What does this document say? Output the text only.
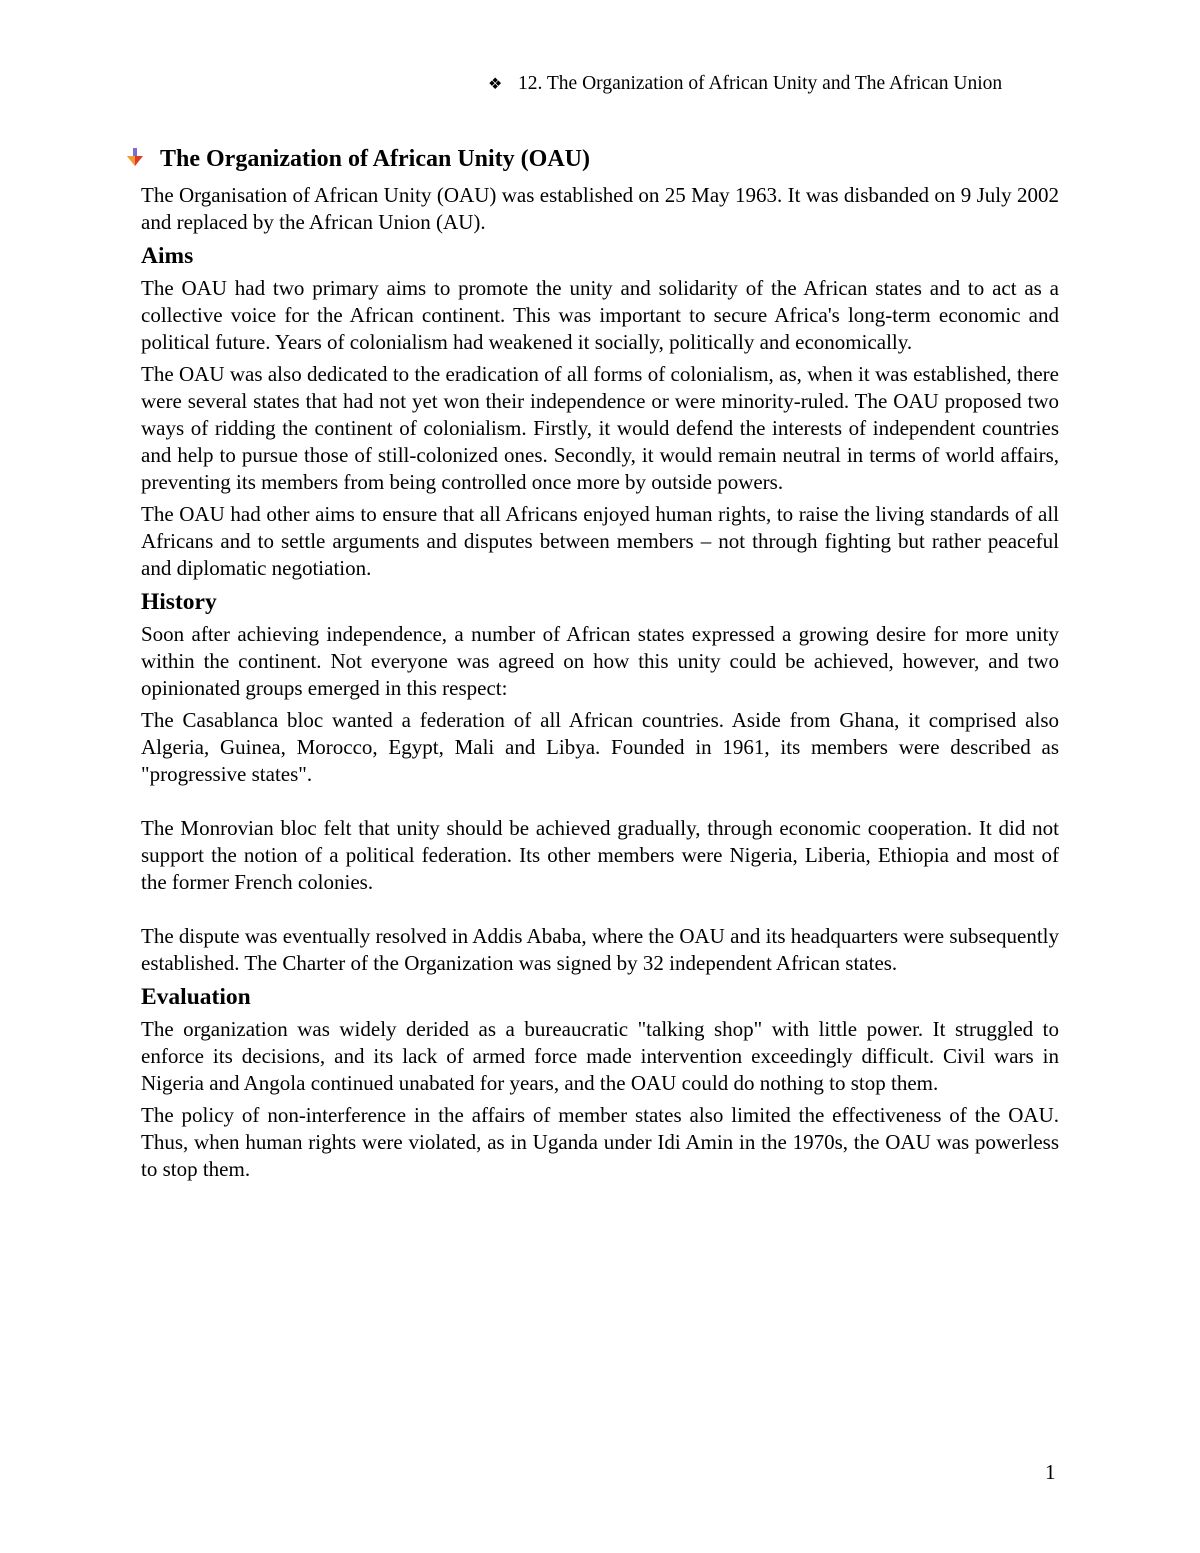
❖ 12. The Organization of African Unity and The African Union
The Organization of African Unity (OAU)

The Organisation of African Unity (OAU) was established on 25 May 1963. It was disbanded on 9 July 2002 and replaced by the African Union (AU).

Aims

The OAU had two primary aims to promote the unity and solidarity of the African states and to act as a collective voice for the African continent. This was important to secure Africa's long-term economic and political future. Years of colonialism had weakened it socially, politically and economically.

The OAU was also dedicated to the eradication of all forms of colonialism, as, when it was established, there were several states that had not yet won their independence or were minority-ruled. The OAU proposed two ways of ridding the continent of colonialism. Firstly, it would defend the interests of independent countries and help to pursue those of still-colonized ones. Secondly, it would remain neutral in terms of world affairs, preventing its members from being controlled once more by outside powers.

The OAU had other aims to ensure that all Africans enjoyed human rights, to raise the living standards of all Africans and to settle arguments and disputes between members – not through fighting but rather peaceful and diplomatic negotiation.

History

Soon after achieving independence, a number of African states expressed a growing desire for more unity within the continent. Not everyone was agreed on how this unity could be achieved, however, and two opinionated groups emerged in this respect:

The Casablanca bloc wanted a federation of all African countries. Aside from Ghana, it comprised also Algeria, Guinea, Morocco, Egypt, Mali and Libya. Founded in 1961, its members were described as "progressive states".

The Monrovian bloc felt that unity should be achieved gradually, through economic cooperation. It did not support the notion of a political federation. Its other members were Nigeria, Liberia, Ethiopia and most of the former French colonies.

The dispute was eventually resolved in Addis Ababa, where the OAU and its headquarters were subsequently established. The Charter of the Organization was signed by 32 independent African states.

Evaluation

The organization was widely derided as a bureaucratic "talking shop" with little power. It struggled to enforce its decisions, and its lack of armed force made intervention exceedingly difficult. Civil wars in Nigeria and Angola continued unabated for years, and the OAU could do nothing to stop them.

The policy of non-interference in the affairs of member states also limited the effectiveness of the OAU. Thus, when human rights were violated, as in Uganda under Idi Amin in the 1970s, the OAU was powerless to stop them.

1
